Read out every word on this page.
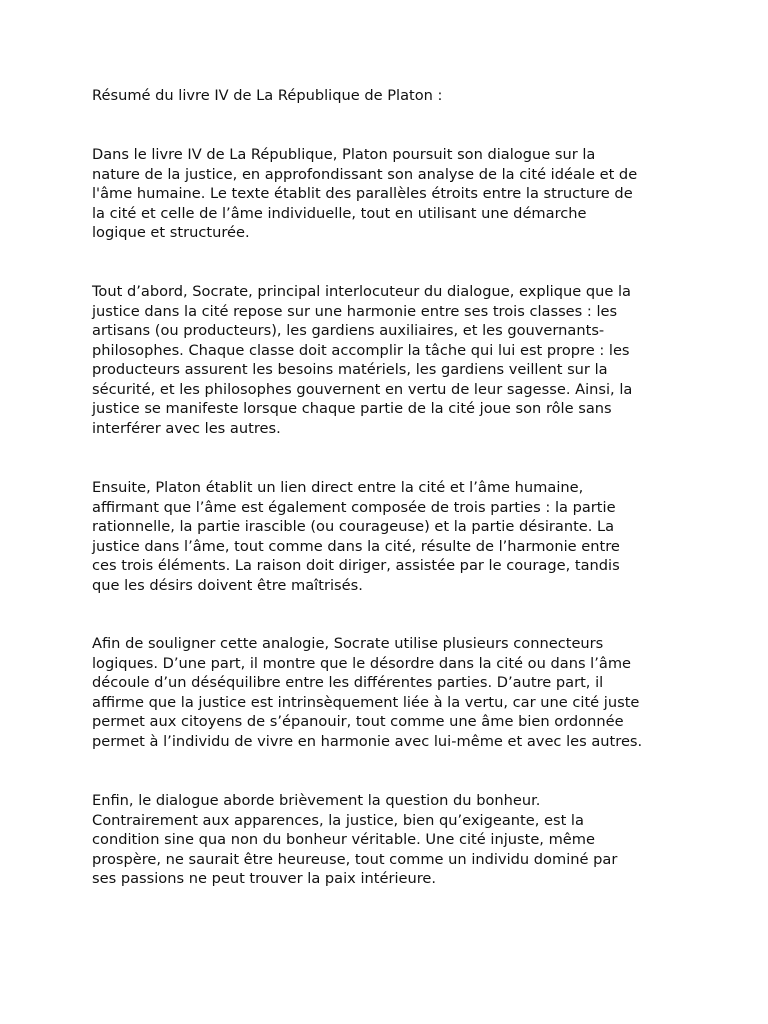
Résumé du livre IV de La République de Platon :
Dans le livre IV de La République, Platon poursuit son dialogue sur la
nature de la justice, en approfondissant son analyse de la cité idéale et de
l'âme humaine. Le texte établit des parallèles étroits entre la structure de
la cité et celle de l’âme individuelle, tout en utilisant une démarche
logique et structurée.
Tout d’abord, Socrate, principal interlocuteur du dialogue, explique que la
justice dans la cité repose sur une harmonie entre ses trois classes : les
artisans (ou producteurs), les gardiens auxiliaires, et les gouvernants-
philosophes. Chaque classe doit accomplir la tâche qui lui est propre : les
producteurs assurent les besoins matériels, les gardiens veillent sur la
sécurité, et les philosophes gouvernent en vertu de leur sagesse. Ainsi, la
justice se manifeste lorsque chaque partie de la cité joue son rôle sans
interférer avec les autres.
Ensuite, Platon établit un lien direct entre la cité et l’âme humaine,
affirmant que l’âme est également composée de trois parties : la partie
rationnelle, la partie irascible (ou courageuse) et la partie désirante. La
justice dans l’âme, tout comme dans la cité, résulte de l’harmonie entre
ces trois éléments. La raison doit diriger, assistée par le courage, tandis
que les désirs doivent être maîtrisés.
Afin de souligner cette analogie, Socrate utilise plusieurs connecteurs
logiques. D’une part, il montre que le désordre dans la cité ou dans l’âme
découle d’un déséquilibre entre les différentes parties. D’autre part, il
affirme que la justice est intrinsèquement liée à la vertu, car une cité juste
permet aux citoyens de s’épanouir, tout comme une âme bien ordonnée
permet à l’individu de vivre en harmonie avec lui-même et avec les autres.
Enfin, le dialogue aborde brièvement la question du bonheur.
Contrairement aux apparences, la justice, bien qu’exigeante, est la
condition sine qua non du bonheur véritable. Une cité injuste, même
prospère, ne saurait être heureuse, tout comme un individu dominé par
ses passions ne peut trouver la paix intérieure.
